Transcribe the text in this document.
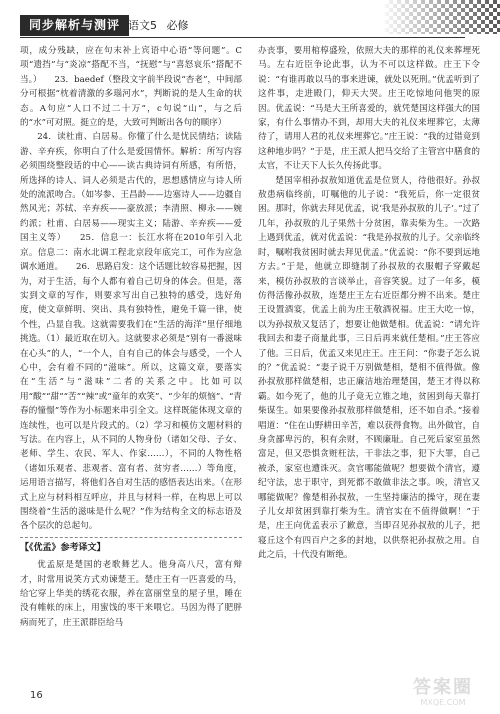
同步解析与测评 语文5 必修

项，成分残缺，应在句末补上宾语中心语“等问题”。C项“遗挡”与“炎凉”搭配不当，“抚慰”与“喜怒哀乐”搭配不当。）　　23．baedef（整段文字前半段说“杏老”，中间部分可根据“枕着清激的多瑙河水”，判断说的是人生命的状态。A句应“人口不过二十万”，c句说“山”，与之后的“水”可对照。挺立的是，大致可判断出各句的顺序）

24．读杜甫、白居易。你懂了什么是忧民情结；读陆游、辛弃疾，你明白了什么是爱国情怀。解析：所写内容必须围绕整段话的中心——读古典诗词有所感，有所悟，所选择的诗人、词人必须是古代的，思想感情应与诗人所处的流派吻合。（如岑参、王昌龄——边塞诗人——边疆自然风光；苏轼、辛弃疾——豪放派；李清照、柳永——婉约派；杜甫、白居易——现实主义；陆游、辛弃疾——爱国主义等）　　25．信息一：长江水将在2010年引入北京。信息二：南水北调工程北京段年底完工，可作为应急调水通道。　　26．思路启发：这个话题比较容易把握，因为，对于生活，每个人都有着自己切身的体会。但是，落实到文章的写作，则要求写出自己独特的感受，选好角度，使文章鲜明、突出、具有独特性，避免千篇一律，使个性，凸显自我。这就需要我们在“生活的海洋”里仔细地挑选。（1）最近取在切入。这就要求必须是“别有一番滋味在心头”的人，“一个人，自有自己的体会与感受，一个人心中，会有着不同的“滋味”。所以，这篇文章，要落实在“生活”与“滋味”二者的关系之中。比如可以用“酸”“甜”“苦”“辣”或“童年的欢笑”、“少年的烦恼”、“青春的憧憬”等作为小标题来串引全文。这样既能体现文章的连续性，也可以是片段式的。（2）学习和模仿文题材料的写法。在内容上，从不同的人物身份（诸如父母、子女、老师、学生、农民、军人、作家……），不同的人物性格（诸如乐观者、悲观者、富有者、贫穷者……）等角度，运用语言描写，将他们各自对生活的感悟表达出来。（在形式上应与材料相互呼应，并且与材料一样，在构思上可以围绕着“生活的滋味是什么呢？”作为结构全文的标志语及各个层次的总起句。

【《优孟》参考译文】

优孟原是楚国的老歌舞艺人。他身高八尺，富有辩才，时常用说笑方式劝谏楚王。楚庄王有一匹喜爱的马，给它穿上华美的绣花衣服，养在富丽堂皇的屋子里，睡在没有帷帐的床上，用蜜饯的枣干来喂它。马因为得了肥胖病而死了，庄王派群臣给马

办丧事，要用棺椁盛殓，依照大夫的那样的礼仪来葬埋死马。左右近臣争论此事，认为不可以这样做。庄王下令说：“有谁再敢以马的事来进谏，就处以死刑。”优孟听到了这件事，走进殿门，仰天大哭。庄王吃惊地问他哭的原因。优孟说：“马是大王所喜爱的，就凭楚国这样强大的国家，有什么事情办不到，却用大夫的礼仪来埋葬它，太薄待了，请用人君的礼仪来埋葬它。”庄王说：“我的过错竟到这种地步吗？”于是，庄王派人把马交给了主管宫中膳食的太官，不让天下人长久传扬此事。

楚国宰相孙叔敖知道优孟是位贤人，待他很好。孙叔敖患病临终前，叮嘱他的儿子说：“我死后，你一定很贫困。那时，你就去拜见优孟，说‘我是孙叔敖的儿子’。”过了几年，孙叔敖的儿子果然十分贫困，靠卖柴为生。一次路上遇到优孟，就对优孟说：“我是孙叔敖的儿子。父亲临终时，嘱咐我贫困时就去拜见优孟。”优孟说：“你不要到远地方去。”于是，他就立即缝制了孙叔敖的衣服帽子穿戴起来，模仿孙叔敖的言谈举止，音容笑貌。过了一年多，模仿得活像孙叔敖，连楚庄王左右近臣都分辨不出来。楚庄王设置酒宴，优孟上前为庄王敬酒祝福。庄王大吃一惊，以为孙叔敖又复活了，想要让他做楚相。优孟说：“请允许我回去和妻子商量此事，三日后再来就任楚相。”庄王答应了他。三日后，优孟又来见庄王。庄王问：“你妻子怎么说的？”优孟说：“妻子说千万别做楚相，楚相不值得做。像孙叔敖那样做楚相，忠正廉洁地治理楚国，楚王才得以称霸。如今死了，他的儿子竟无立锥之地，贫困到每天靠打柴谋生。如果要像孙叔敖那样做楚相，还不如自杀。”接着唱道：“住在山野耕田辛苦，难以获得食物。出外做官，自身贪鄙卑污的，积有余财，不顾廉耻。自己死后家室虽然富足，但又恐惧贪赃枉法，干非法之事，犯下大罪，自己被杀，家室也遭诛灭。贪官哪能做呢？想要做个清官，遵纪守法，忠于职守，到死都不敢做非法之事。唉，清官又哪能做呢？像楚相孙叔敖，一生坚持廉洁的操守，现在妻子儿女却贫困到靠打柴为生。清官实在不值得做啊！”于是，庄王向优孟表示了歉意，当即召见孙叔敖的儿子，把寝丘这个有四百户之多的封地，以供祭祀孙叔敖之用。自此之后，十代没有断绝。

16	答案圈
MXQE.COM
